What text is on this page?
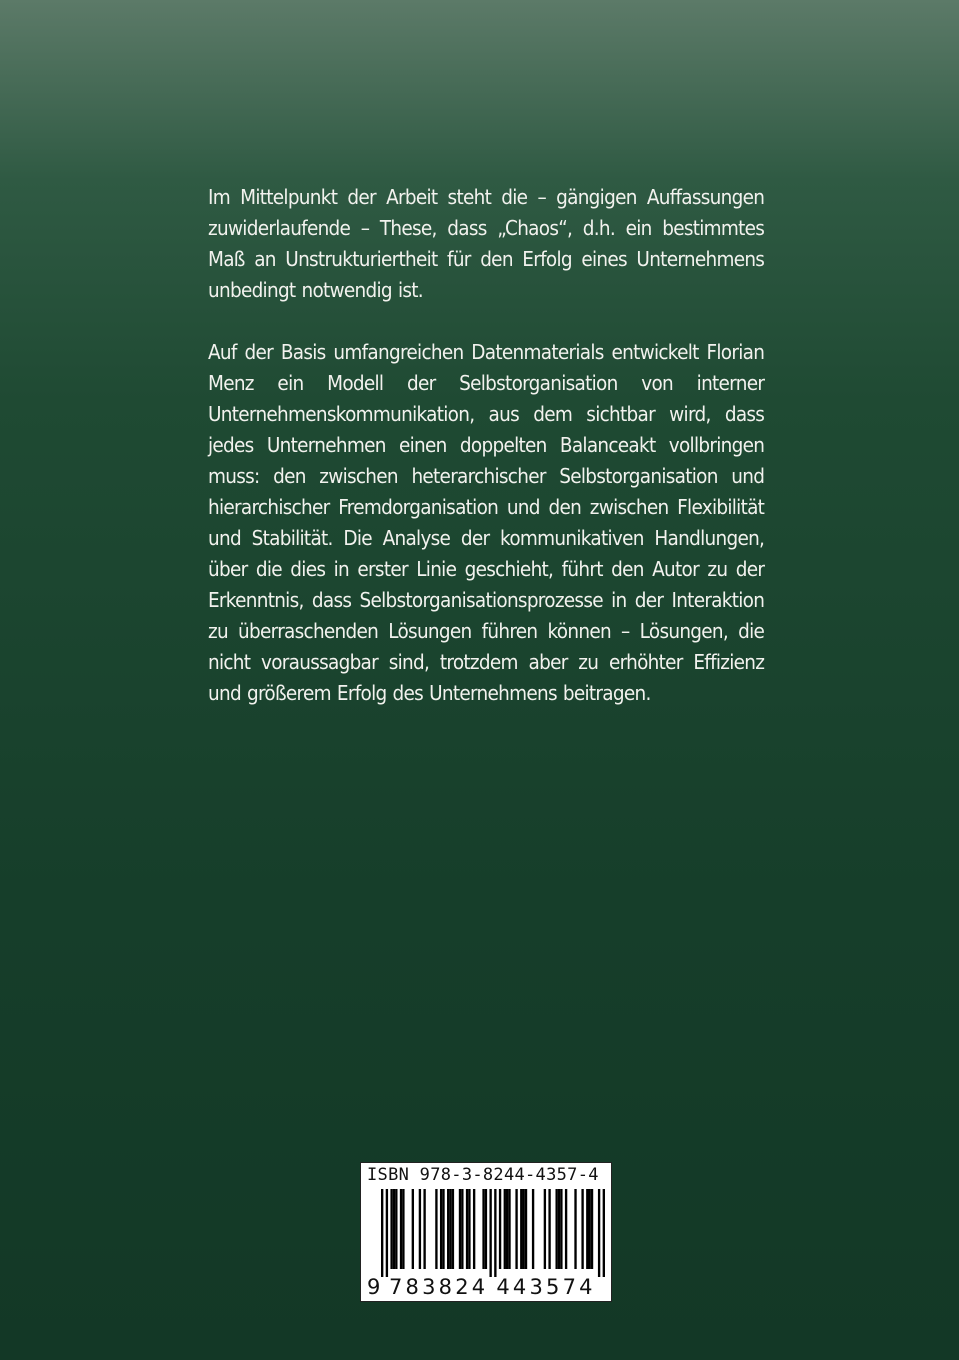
Im Mittelpunkt der Arbeit steht die – gängigen Auffassungen zuwiderlaufende – These, dass „Chaos“, d.h. ein bestimmtes Maß an Unstrukturiertheit für den Erfolg eines Unternehmens unbedingt notwendig ist.

Auf der Basis umfangreichen Datenmaterials entwickelt Florian Menz ein Modell der Selbstorganisation von interner Unternehmenskommunikation, aus dem sichtbar wird, dass jedes Unternehmen einen doppelten Balanceakt vollbringen muss: den zwischen heterarchischer Selbstorganisation und hierarchischer Fremdorganisation und den zwischen Flexibilität und Stabilität. Die Analyse der kommunikativen Handlungen, über die dies in erster Linie geschieht, führt den Autor zu der Erkenntnis, dass Selbstorganisationsprozesse in der Interaktion zu überraschenden Lösungen führen können – Lösungen, die nicht voraussagbar sind, trotzdem aber zu erhöhter Effizienz und größerem Erfolg des Unternehmens beitragen.

ISBN 978-3-8244-4357-4
9 783824 443574
